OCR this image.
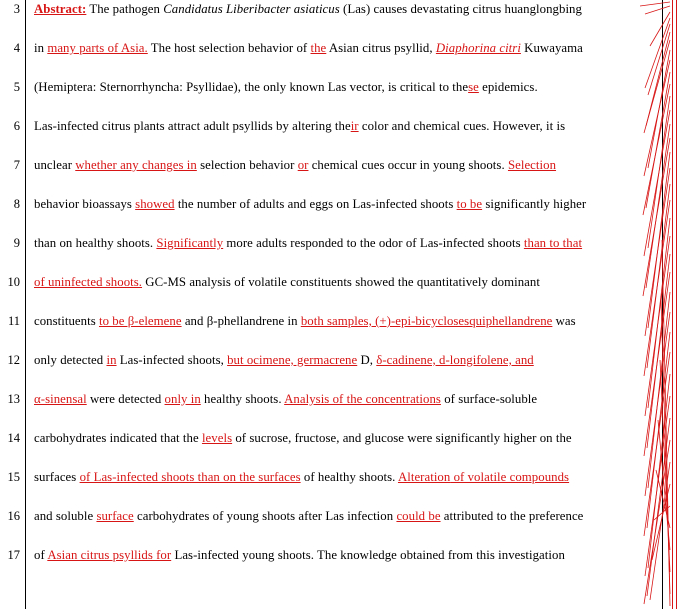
3
4
5
6
7
8
9
10
11
12
13
14
15
16
17
Abstract: The pathogen Candidatus Liberibacter asiaticus (Las) causes devastating citrus huanglongbing
in many parts of Asia. The host selection behavior of the Asian citrus psyllid, Diaphorina citri Kuwayama
(Hemiptera: Sternorrhyncha: Psyllidae), the only known Las vector, is critical to these epidemics.
Las-infected citrus plants attract adult psyllids by altering their color and chemical cues. However, it is
unclear whether any changes in selection behavior or chemical cues occur in young shoots. Selection
behavior bioassays showed the number of adults and eggs on Las-infected shoots to be significantly higher
than on healthy shoots. Significantly more adults responded to the odor of Las-infected shoots than to that
of uninfected shoots. GC-MS analysis of volatile constituents showed the quantitatively dominant
constituents to be β-elemene and β-phellandrene in both samples, (+)-epi-bicyclosesquiphellandrene was
only detected in Las-infected shoots, but ocimene, germacrene D, δ-cadinene, d-longifolene, and
α-sinensal were detected only in healthy shoots. Analysis of the concentrations of surface-soluble
carbohydrates indicated that the levels of sucrose, fructose, and glucose were significantly higher on the
surfaces of Las-infected shoots than on the surfaces of healthy shoots. Alteration of volatile compounds
and soluble surface carbohydrates of young shoots after Las infection could be attributed to the preference
of Asian citrus psyllids for Las-infected young shoots. The knowledge obtained from this investigation
